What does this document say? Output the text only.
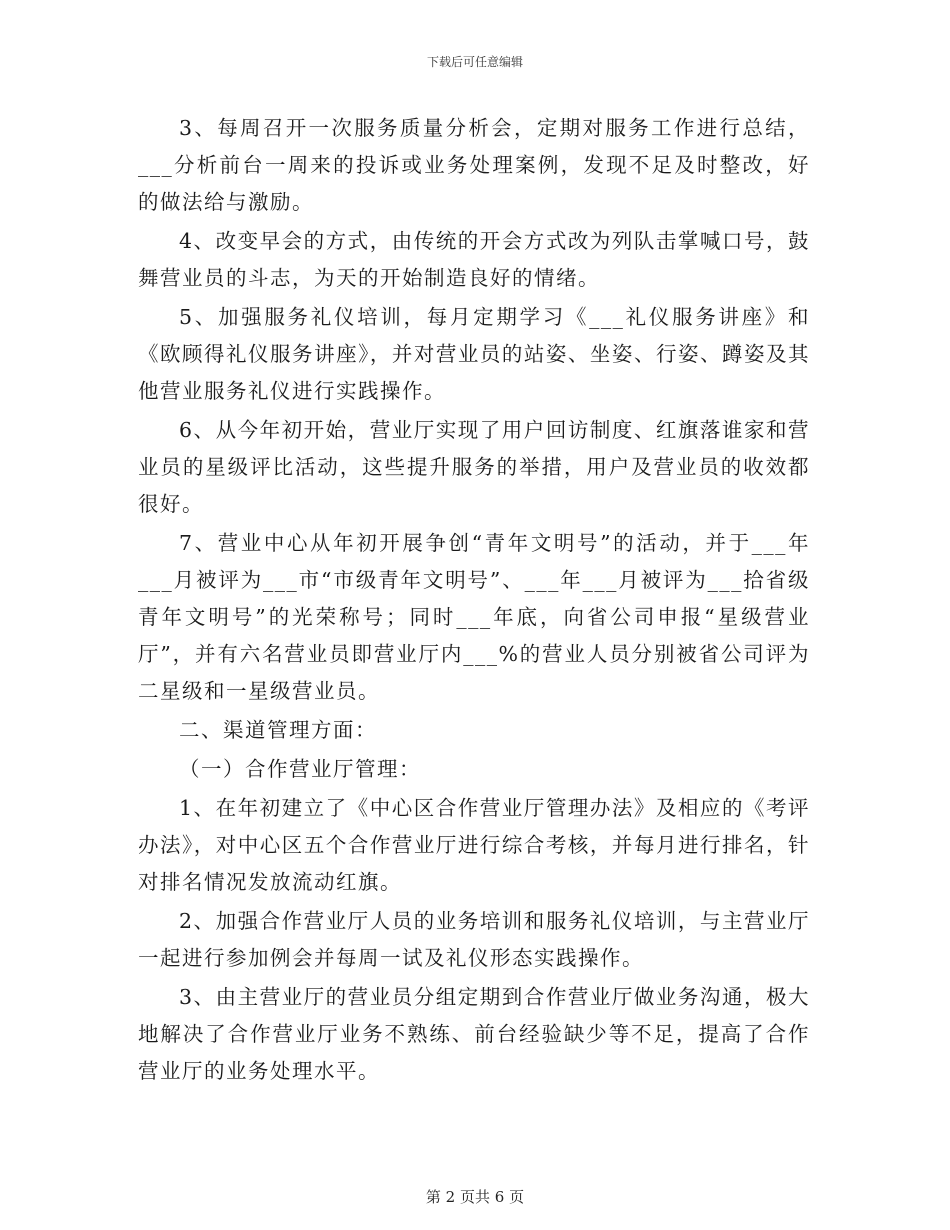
下载后可任意编辑

3、每周召开一次服务质量分析会，定期对服务工作进行总结，___分析前台一周来的投诉或业务处理案例，发现不足及时整改，好的做法给与激励。

4、改变早会的方式，由传统的开会方式改为列队击掌喊口号，鼓舞营业员的斗志，为天的开始制造良好的情绪。

5、加强服务礼仪培训，每月定期学习《___礼仪服务讲座》和《欧顾得礼仪服务讲座》，并对营业员的站姿、坐姿、行姿、蹲姿及其他营业服务礼仪进行实践操作。

6、从今年初开始，营业厅实现了用户回访制度、红旗落谁家和营业员的星级评比活动，这些提升服务的举措，用户及营业员的收效都很好。

7、营业中心从年初开展争创“青年文明号”的活动，并于___年___月被评为___市“市级青年文明号”、___年___月被评为___拾省级青年文明号”的光荣称号；同时___年底，向省公司申报“星级营业厅”，并有六名营业员即营业厅内___%的营业人员分别被省公司评为二星级和一星级营业员。

二、渠道管理方面：

（一）合作营业厅管理：

1、在年初建立了《中心区合作营业厅管理办法》及相应的《考评办法》，对中心区五个合作营业厅进行综合考核，并每月进行排名，针对排名情况发放流动红旗。

2、加强合作营业厅人员的业务培训和服务礼仪培训，与主营业厅一起进行参加例会并每周一试及礼仪形态实践操作。

3、由主营业厅的营业员分组定期到合作营业厅做业务沟通，极大地解决了合作营业厅业务不熟练、前台经验缺少等不足，提高了合作营业厅的业务处理水平。

第 2 页共 6 页
